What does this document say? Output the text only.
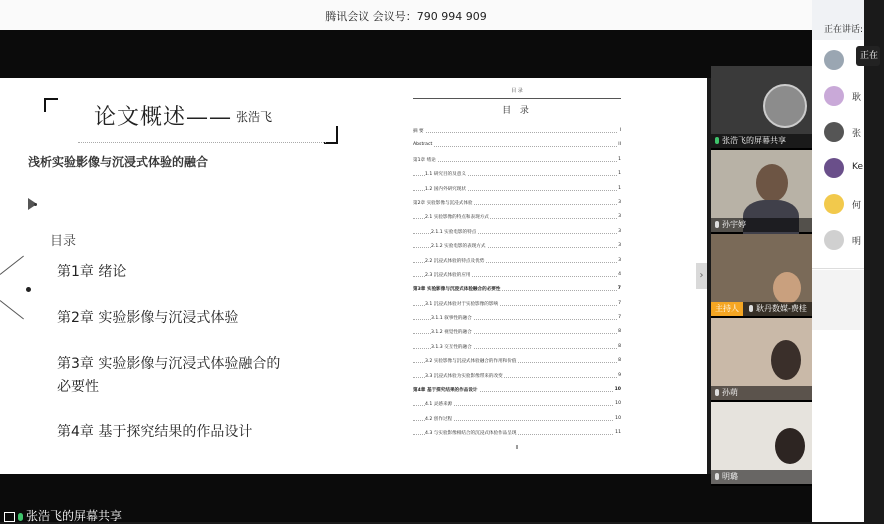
腾讯会议 会议号：790 994 909
论文概述—— 张浩飞
浅析实验影像与沉浸式体验的融合
目录
第1章 绪论
第2章 实验影像与沉浸式体验
第3章 实验影像与沉浸式体验融合的
必要性
第4章 基于探究结果的作品设计
目 录
目 录
摘 要	I
Abstract	II
第1章 绪论	1
1.1 研究目的及意义	1
1.2 国内外研究现状	1
第2章 实验影像与沉浸式体验	3
2.1 实验影像的特点和表现方式	3
2.1.1 实验电影的特点	3
2.1.2 实验电影的表现方式	3
2.2 沉浸式体验的特点及优势	3
2.3 沉浸式体验的应用	4
第3章 实验影像与沉浸式体验融合的必要性	7
3.1 沉浸式体验对于实验影像的影响	7
3.1.1 叙事性的融合	7
3.1.2 视觉性的融合	8
3.1.3 交互性的融合	8
3.2 实验影像与沉浸式体验融合的作用和价值	8
3.3 沉浸式体验为实验影像带来的改变	9
第4章 基于探究结果的作品设计	10
4.1 灵感来源	10
4.2 创作过程	10
4.3 与实验影像相结合的沉浸式体验作品呈现	11
II
›
张浩飞的屏幕共享
张浩飞的屏幕共享
孙宇婷
主持人 耿丹数媒-费桂
孙萌
明璐
正在讲话:
正在
耿
张
Ke
何
明
